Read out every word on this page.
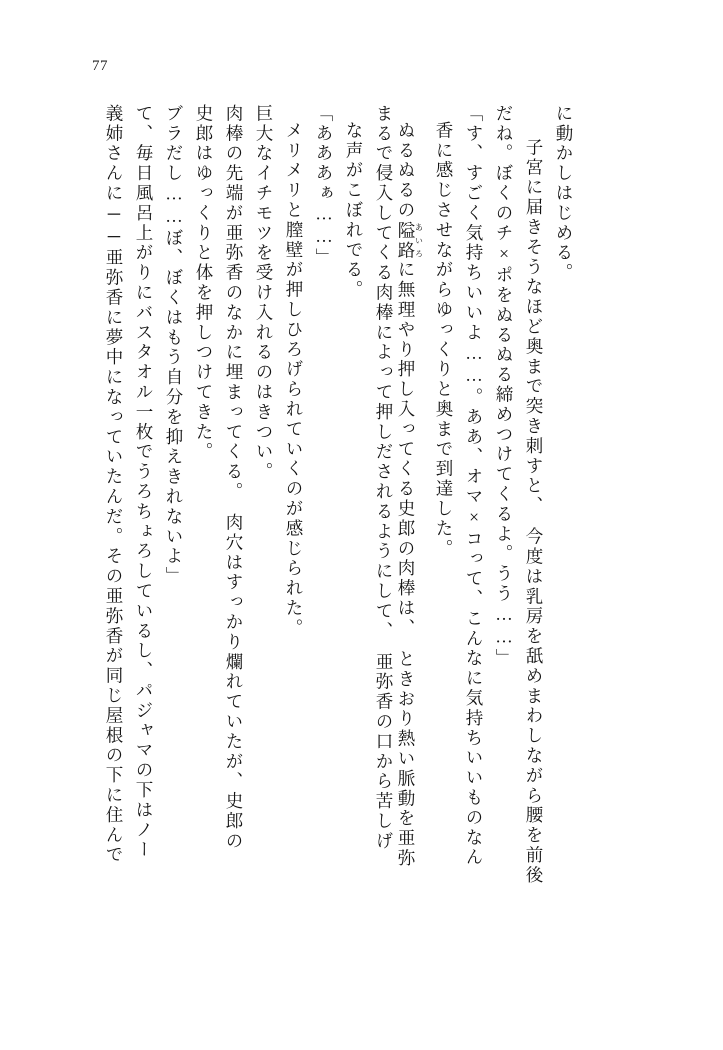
77
義姉さんに──亜弥香に夢中になっていたんだ。その亜弥香が同じ屋根の下に住んで て、毎日風呂上がりにバスタオル一枚でうろちょろしているし、パジャマの下はノー ブラだし……ぼ、ぼくはもう自分を抑えきれないよ」 史郎はゆっくりと体を押しつけてきた。 肉棒の先端が亜弥香のなかに埋まってくる。　肉穴はすっかり爛れていたが、史郎の 巨大なイチモツを受け入れるのはきつい。 メリメリと膣壁が押しひろげられていくのが感じられた。 「あああぁ……」 な声がこぼれでる。 まるで侵入してくる肉棒によって押しだされるようにして、　亜弥香の口から苦しげ ぬるぬるの隘路あいろに無理やり押し入ってくる史郎の肉棒は、　ときおり熱い脈動を亜弥	香に感じさせながらゆっくりと奥まで到達した。 「す、すごく気持ちいいよ……。ああ、オマ×コって、こんなに気持ちいいものなん だね。ぼくのチ×ポをぬるぬる締めつけてくるよ。うう……」 子宮に届きそうなほど奥まで突き刺すと、　今度は乳房を舐めまわしながら腰を前後 に動かしはじめる。
